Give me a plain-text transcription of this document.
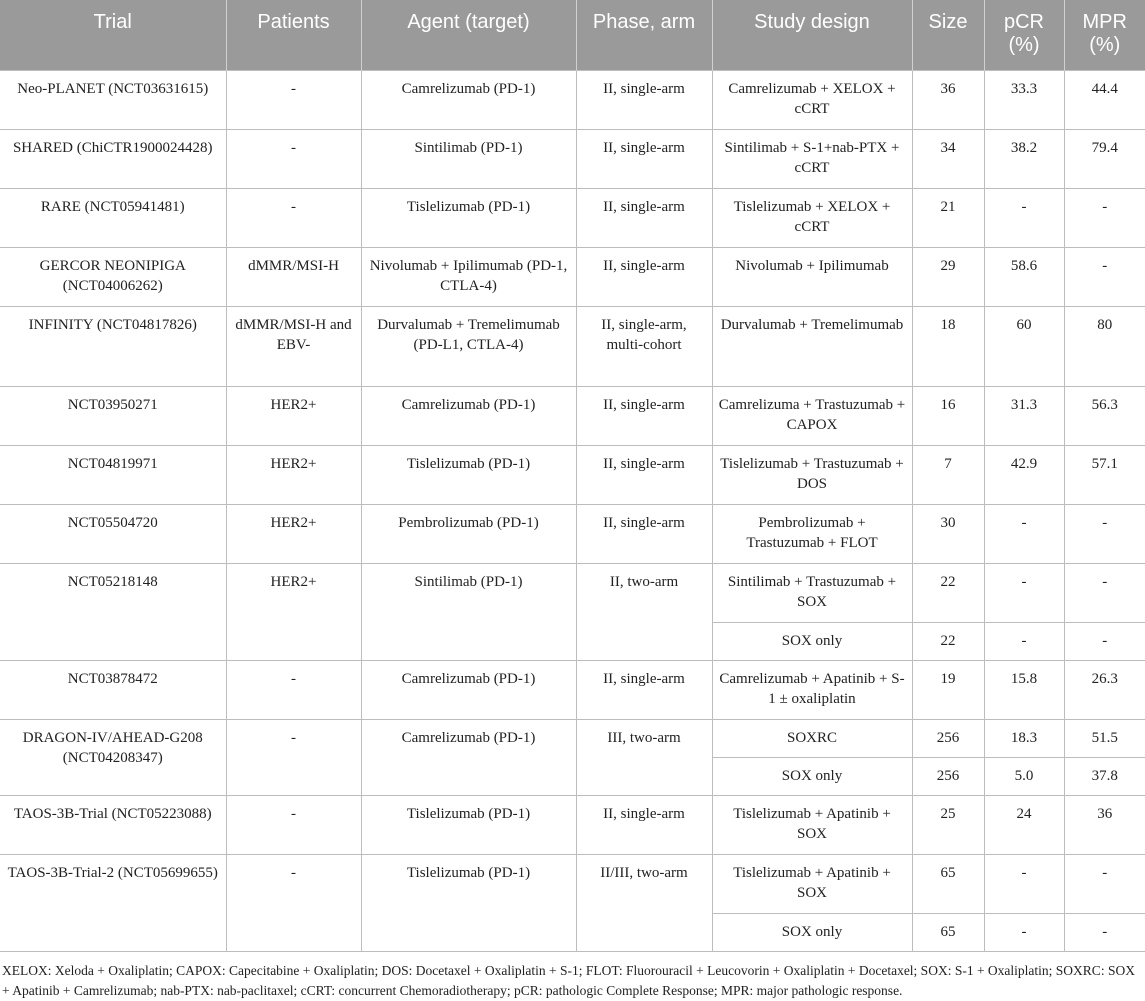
Trial	Patients	Agent (target)	Phase, arm	Study design	Size	pCR (%)	MPR (%)
Neo-PLANET (NCT03631615)	-	Camrelizumab (PD-1)	II, single-arm	Camrelizumab + XELOX + cCRT	36	33.3	44.4
SHARED (ChiCTR1900024428)	-	Sintilimab (PD-1)	II, single-arm	Sintilimab + S-1+nab-PTX + cCRT	34	38.2	79.4
RARE (NCT05941481)	-	Tislelizumab (PD-1)	II, single-arm	Tislelizumab + XELOX + cCRT	21	-	-
GERCOR NEONIPIGA (NCT04006262)	dMMR/MSI-H	Nivolumab + Ipilimumab (PD-1, CTLA-4)	II, single-arm	Nivolumab + Ipilimumab	29	58.6	-
INFINITY (NCT04817826)	dMMR/MSI-H and EBV-	Durvalumab + Tremelimumab (PD-L1, CTLA-4)	II, single-arm, multi-cohort	Durvalumab + Tremelimumab	18	60	80
NCT03950271	HER2+	Camrelizumab (PD-1)	II, single-arm	Camrelizuma + Trastuzumab + CAPOX	16	31.3	56.3
NCT04819971	HER2+	Tislelizumab (PD-1)	II, single-arm	Tislelizumab + Trastuzumab + DOS	7	42.9	57.1
NCT05504720	HER2+	Pembrolizumab (PD-1)	II, single-arm	Pembrolizumab + Trastuzumab + FLOT	30	-	-
NCT05218148	HER2+	Sintilimab (PD-1)	II, two-arm	Sintilimab + Trastuzumab + SOX	22	-	-
				SOX only	22	-	-
NCT03878472	-	Camrelizumab (PD-1)	II, single-arm	Camrelizumab + Apatinib + S-1 ± oxaliplatin	19	15.8	26.3
DRAGON-IV/AHEAD-G208 (NCT04208347)	-	Camrelizumab (PD-1)	III, two-arm	SOXRC	256	18.3	51.5
				SOX only	256	5.0	37.8
TAOS-3B-Trial (NCT05223088)	-	Tislelizumab (PD-1)	II, single-arm	Tislelizumab + Apatinib + SOX	25	24	36
TAOS-3B-Trial-2 (NCT05699655)	-	Tislelizumab (PD-1)	II/III, two-arm	Tislelizumab + Apatinib + SOX	65	-	-
				SOX only	65	-	-
XELOX: Xeloda + Oxaliplatin; CAPOX: Capecitabine + Oxaliplatin; DOS: Docetaxel + Oxaliplatin + S-1; FLOT: Fluorouracil + Leucovorin + Oxaliplatin + Docetaxel; SOX: S-1 + Oxaliplatin; SOXRC: SOX + Apatinib + Camrelizumab; nab-PTX: nab-paclitaxel; cCRT: concurrent Chemoradiotherapy; pCR: pathologic Complete Response; MPR: major pathologic response.
